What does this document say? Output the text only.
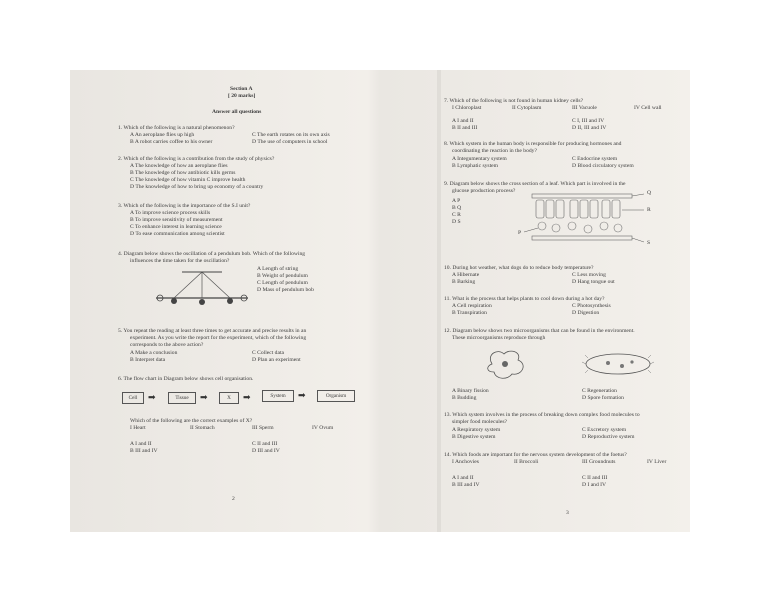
Section A
[ 20 marks]
Answer all questions
1. Which of the following is a natural phenomenon?
A An aeroplane flies up high	C The earth rotates on its own axis
B A robot carries coffee to his owner	D The use of computers in school
2. Which of the following is a contribution from the study of physics?
A The knowledge of how an aeroplane flies
B The knowledge of how antibiotic kills germs
C The knowledge of how vitamin C improve health
D The knowledge of how to bring up economy of a country
3. Which of the following is the importance of the S.I unit?
A To improve science process skills
B To improve sensitivity of measurement
C To enhance interest in learning science
D To ease communication among scientist
4. Diagram below shows the oscillation of a pendulum bob. Which of the following
influences the time taken for the oscillation?
A Length of string
B Weight of pendulum
C Length of pendulum
D Mass of pendulum bob
5. You repeat the reading at least three times to get accurate and precise results in an
experiment. As you write the report for the experiment, which of the following
corresponds to the above action?
A Make a conclusion	C Collect data
B Interpret data	D Plan an experiment
6. The flow chart in Diagram below shows cell organisation.
Cell	➡	Tissue	➡	X	➡	System	➡	Organism
Which of the following are the correct examples of X?
I Heart	II Stomach	III Sperm	IV Ovum
A I and II	C II and III
B III and IV	D III and IV
2
7. Which of the following is not found in human kidney cells?
I Chloroplast	II Cytoplasm	III Vacuole	IV Cell wall
A I and II	C I, III and IV
B II and III	D II, III and IV
8. Which system in the human body is responsible for producing hormones and
coordinating the reaction in the body?
A Integumentary system	C Endocrine system
B Lymphatic system	D Blood circulatory system
9. Diagram below shows the cross section of a leaf. Which part is involved in the
glucose production process?
A P
B Q
C R
D S
Q
R
S
P
10. During hot weather, what dogs do to reduce body temperature?
A Hibernate	C Less moving
B Barking	D Hang tongue out
11. What is the process that helps plants to cool down during a hot day?
A Cell respiration	C Photosynthesis
B Transpiration	D Digestion
12. Diagram below shows two microorganisms that can be found in the environment.
These microorganisms reproduce through
A Binary fission	C Regeneration
B Budding	D Spore formation
13. Which system involves in the process of breaking down complex food molecules to
simpler food molecules?
A Respiratory system	C Excretory system
B Digestive system	D Reproductive system
14. Which foods are important for the nervous system development of the foetus?
I Anchovies	II Broccoli	III Groundnuts	IV Liver
A I and II	C II and III
B III and IV	D I and IV
3
